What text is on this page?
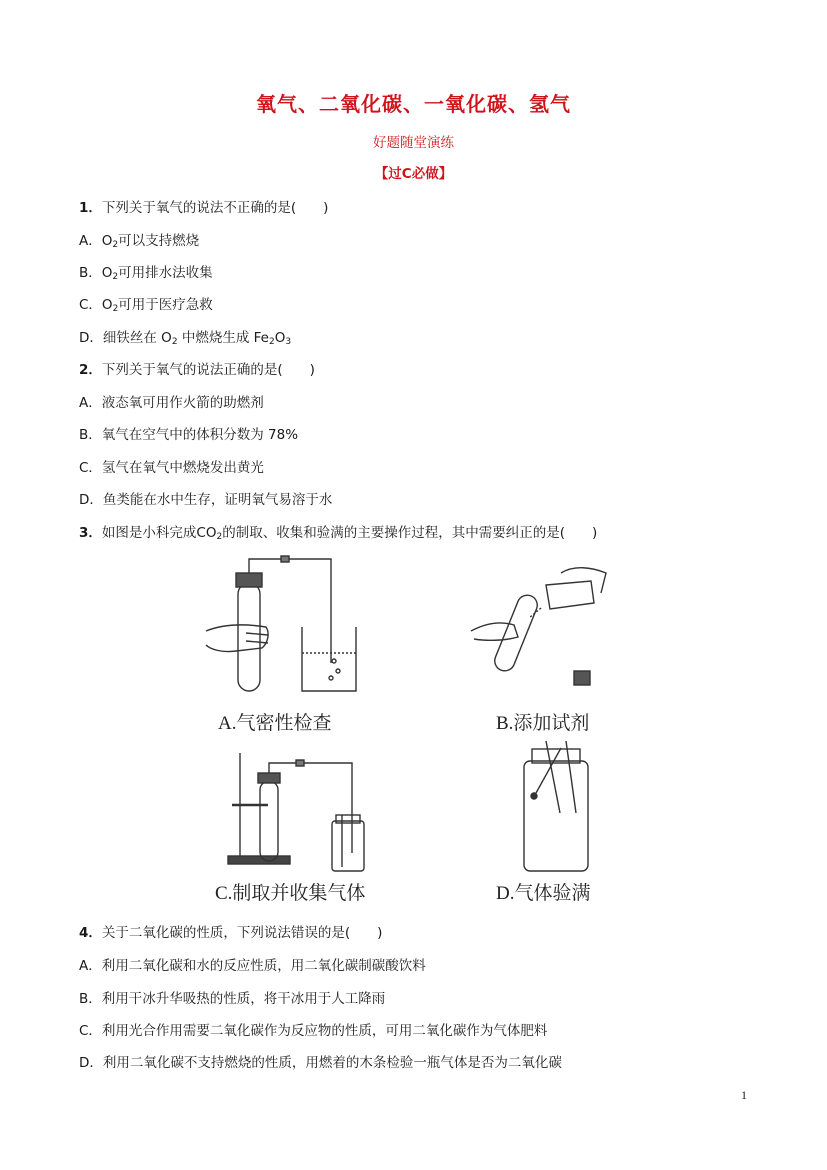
氧气、二氧化碳、一氧化碳、氢气
好题随堂演练
【过C必做】
1．下列关于氧气的说法不正确的是(　　)
A．$O_2$可以支持燃烧
B．$O_2$可用排水法收集
C．$O_2$可用于医疗急救
D．细铁丝在 $O_2$ 中燃烧生成 $Fe_2O_3$
2．下列关于氧气的说法正确的是(　　)
A．液态氧可用作火箭的助燃剂
B．氧气在空气中的体积分数为 78%
C．氢气在氧气中燃烧发出黄光
D．鱼类能在水中生存，证明氧气易溶于水
3．如图是小科完成$CO_2$的制取、收集和验满的主要操作过程，其中需要纠正的是(　　)
A.气密性检查	B.添加试剂
C.制取并收集气体	D.气体验满
4．关于二氧化碳的性质，下列说法错误的是(　　)
A．利用二氧化碳和水的反应性质，用二氧化碳制碳酸饮料
B．利用干冰升华吸热的性质，将干冰用于人工降雨
C．利用光合作用需要二氧化碳作为反应物的性质，可用二氧化碳作为气体肥料
D．利用二氧化碳不支持燃烧的性质，用燃着的木条检验一瓶气体是否为二氧化碳
1
